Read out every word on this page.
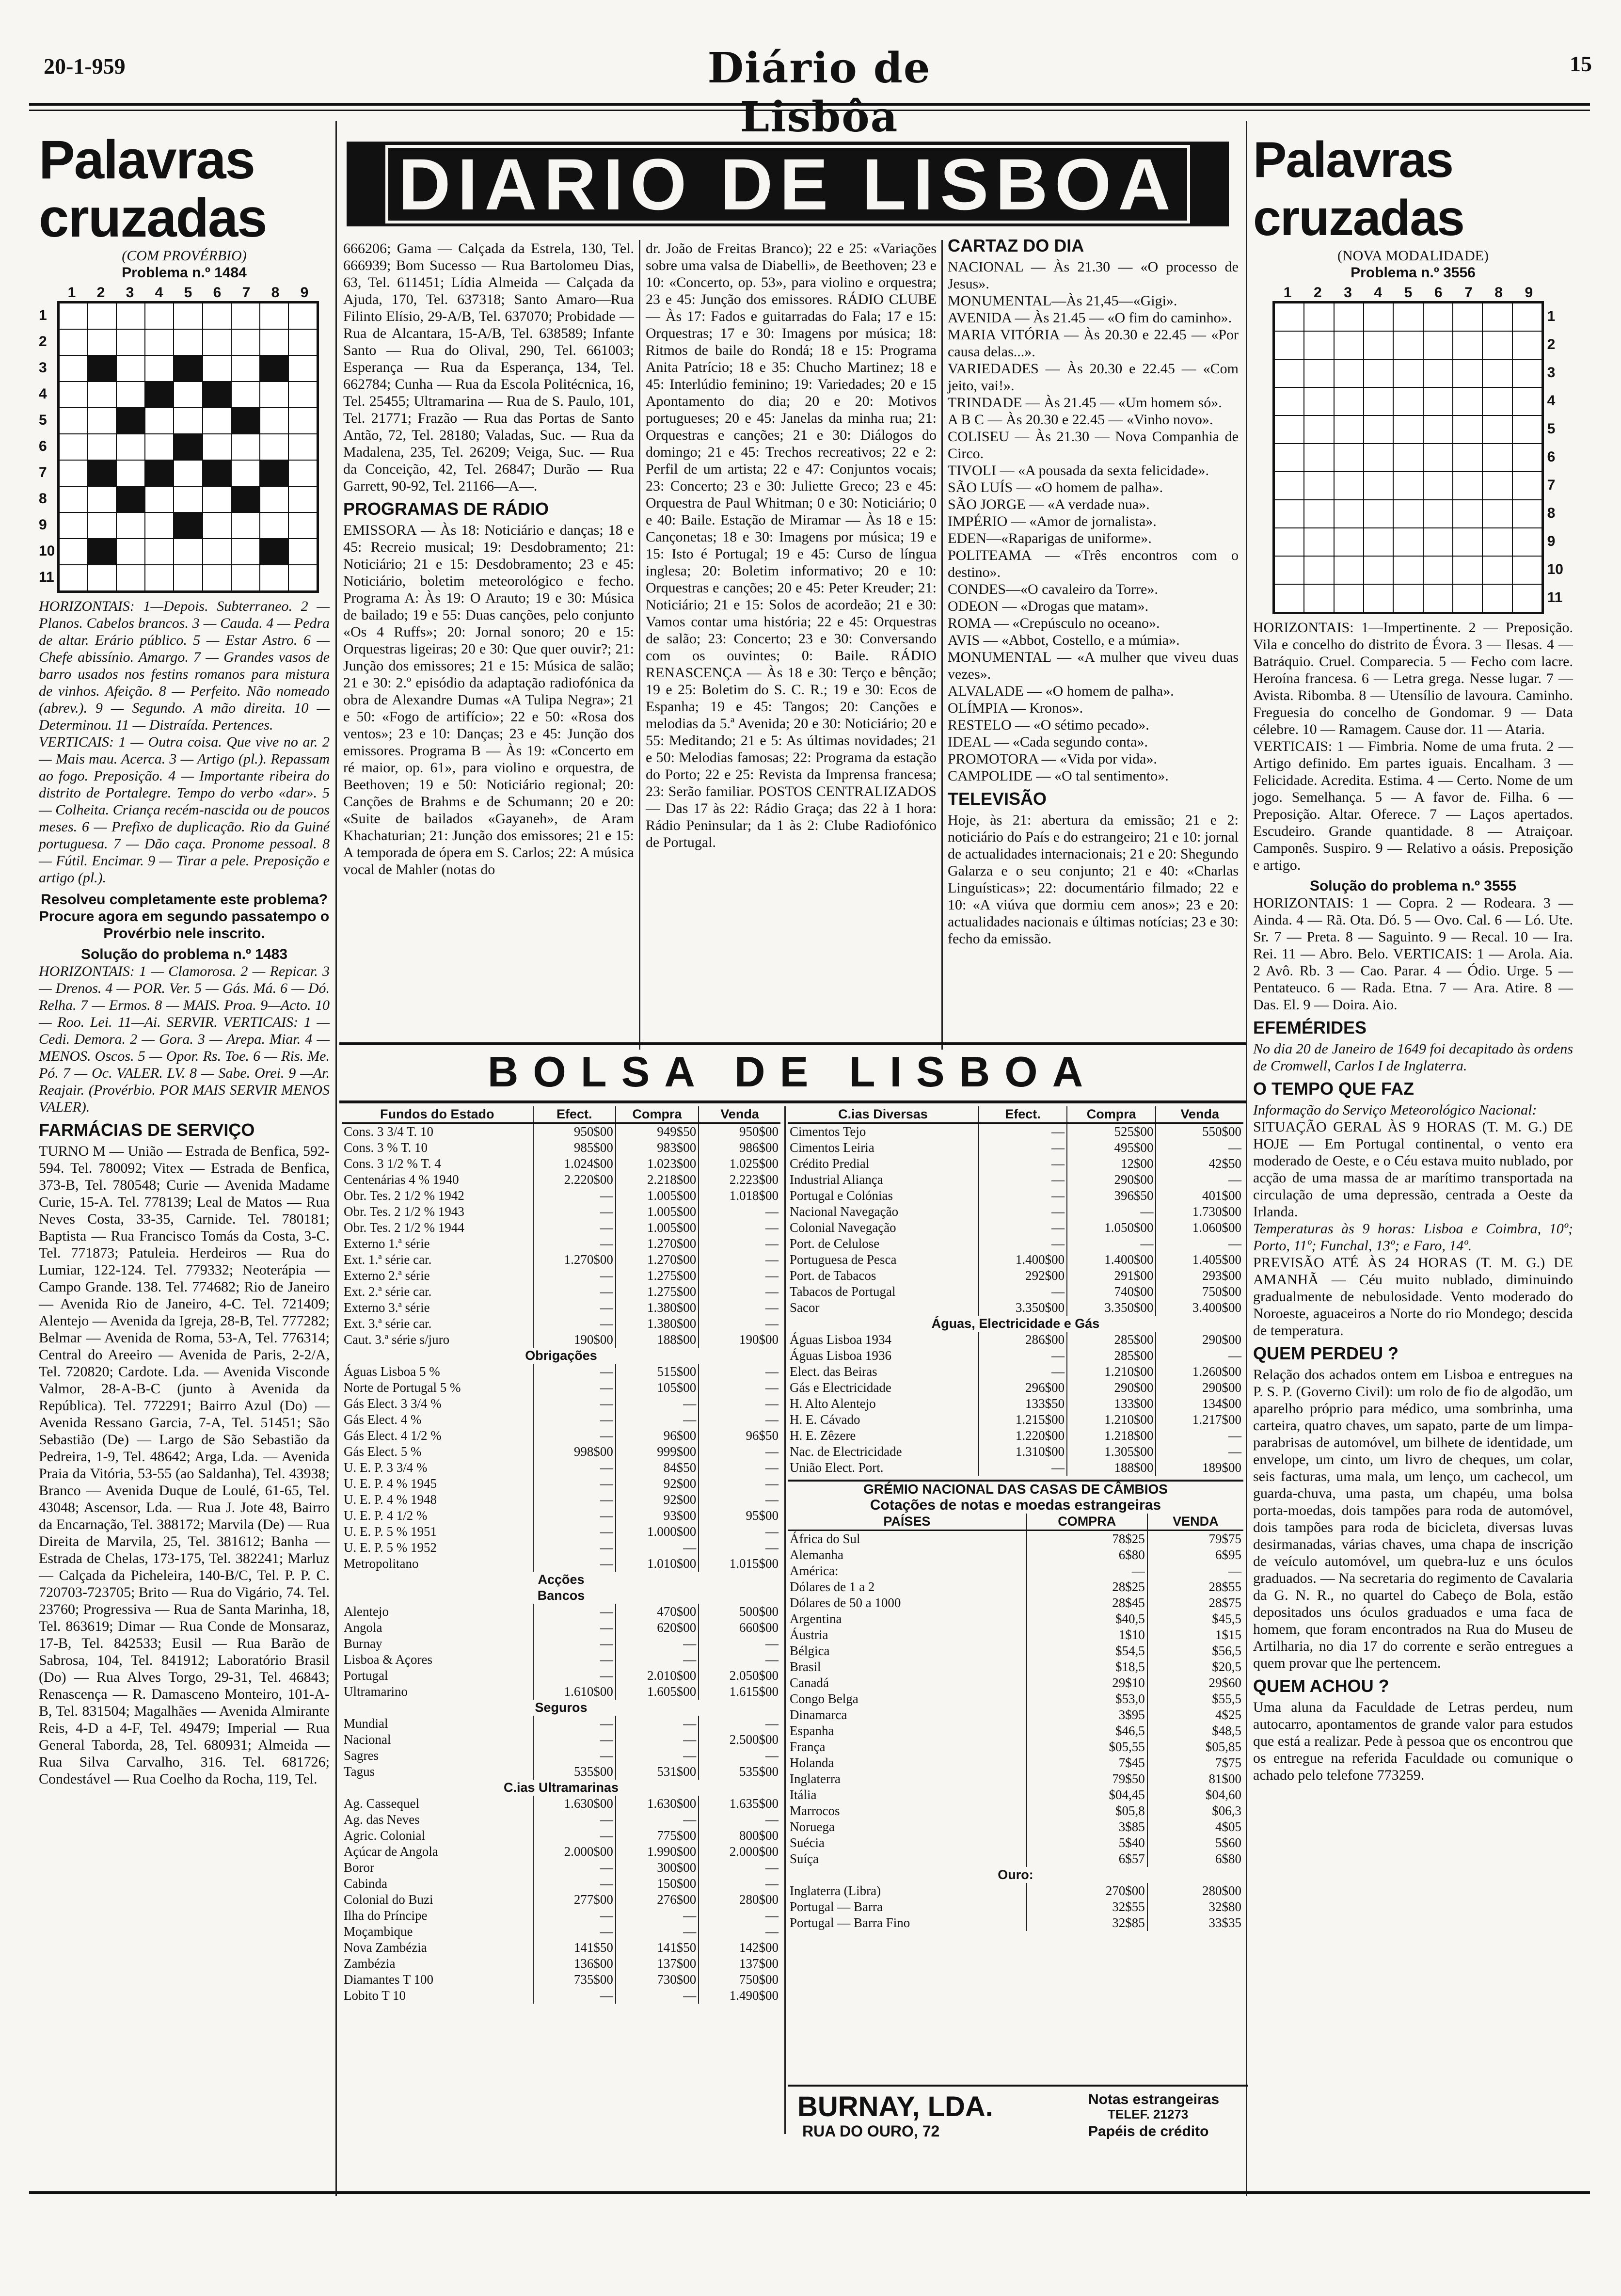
20-1-959	Diário de Lisbôa
15
DIARIO DE LISBOA
Palavras cruzadas
(COM PROVÉRBIO)
Problema n.º 1484
1	2	3	4	5	6	7	8	9
1
2
3
4
5
6
7
8
9
10
11
HORIZONTAIS: 1—Depois. Subterraneo. 2 — Planos. Cabelos brancos. 3 — Cauda. 4 — Pedra de altar. Erário público. 5 — Estar Astro. 6 — Chefe abissínio. Amargo. 7 — Grandes vasos de barro usados nos festins romanos para mistura de vinhos. Afeição. 8 — Perfeito. Não nomeado (abrev.). 9 — Segundo. A mão direita. 10 — Determinou. 11 — Distraída. Pertences.
VERTICAIS: 1 — Outra coisa. Que vive no ar. 2 — Mais mau. Acerca. 3 — Artigo (pl.). Repassam ao fogo. Preposição. 4 — Importante ribeira do distrito de Portalegre. Tempo do verbo «dar». 5 — Colheita. Criança recém-nascida ou de poucos meses. 6 — Prefixo de duplicação. Rio da Guiné portuguesa. 7 — Dão caça. Pronome pessoal. 8 — Fútil. Encimar. 9 — Tirar a pele. Preposição e artigo (pl.).
Resolveu completamente este problema?
Procure agora em segundo passatempo o Provérbio nele inscrito.
Solução do problema n.º 1483
HORIZONTAIS: 1 — Clamorosa. 2 — Repicar. 3 — Drenos. 4 — POR. Ver. 5 — Gás. Má. 6 — Dó. Relha. 7 — Ermos. 8 — MAIS. Proa. 9—Acto. 10 — Roo. Lei. 11—Ai. SERVIR. VERTICAIS: 1 — Cedi. Demora. 2 — Gora. 3 — Arepa. Miar. 4 — MENOS. Oscos. 5 — Opor. Rs. Toe. 6 — Ris. Me. Pó. 7 — Oc. VALER. LV. 8 — Sabe. Orei. 9 —Ar. Reajair. (Provérbio. POR MAIS SERVIR MENOS VALER).
FARMÁCIAS DE SERVIÇO
TURNO M — União — Estrada de Benfica, 592-594. Tel. 780092; Vitex — Estrada de Benfica, 373-B, Tel. 780548; Curie — Avenida Madame Curie, 15-A. Tel. 778139; Leal de Matos — Rua Neves Costa, 33-35, Carnide. Tel. 780181; Baptista — Rua Francisco Tomás da Costa, 3-C. Tel. 771873; Patuleia. Herdeiros — Rua do Lumiar, 122-124. Tel. 779332; Neoterápia — Campo Grande. 138. Tel. 774682; Rio de Janeiro — Avenida Rio de Janeiro, 4-C. Tel. 721409; Alentejo — Avenida da Igreja, 28-B, Tel. 777282; Belmar — Avenida de Roma, 53-A, Tel. 776314; Central do Areeiro — Avenida de Paris, 2-2/A, Tel. 720820; Cardote. Lda. — Avenida Visconde Valmor, 28-A-B-C (junto à Avenida da República). Tel. 772291; Bairro Azul (Do) — Avenida Ressano Garcia, 7-A, Tel. 51451; São Sebastião (De) — Largo de São Sebastião da Pedreira, 1-9, Tel. 48642; Arga, Lda. — Avenida Praia da Vitória, 53-55 (ao Saldanha), Tel. 43938; Branco — Avenida Duque de Loulé, 61-65, Tel. 43048; Ascensor, Lda. — Rua J. Jote 48, Bairro da Encarnação, Tel. 388172; Marvila (De) — Rua Direita de Marvila, 25, Tel. 381612; Banha — Estrada de Chelas, 173-175, Tel. 382241; Marluz — Calçada da Picheleira, 140-B/C, Tel. P. P. C. 720703-723705; Brito — Rua do Vigário, 74. Tel. 23760; Progressiva — Rua de Santa Marinha, 18, Tel. 863619; Dimar — Rua Conde de Monsaraz, 17-B, Tel. 842533; Eusil — Rua Barão de Sabrosa, 104, Tel. 841912; Laboratório Brasil (Do) — Rua Alves Torgo, 29-31, Tel. 46843; Renascença — R. Damasceno Monteiro, 101-A-B, Tel. 831504; Magalhães — Avenida Almirante Reis, 4-D a 4-F, Tel. 49479; Imperial — Rua General Taborda, 28, Tel. 680931; Almeida — Rua Silva Carvalho, 316. Tel. 681726; Condestável — Rua Coelho da Rocha, 119, Tel.
666206; Gama — Calçada da Estrela, 130, Tel. 666939; Bom Sucesso — Rua Bartolomeu Dias, 63, Tel. 611451; Lídia Almeida — Calçada da Ajuda, 170, Tel. 637318; Santo Amaro—Rua Filinto Elísio, 29-A/B, Tel. 637070; Probidade — Rua de Alcantara, 15-A/B, Tel. 638589; Infante Santo — Rua do Olival, 290, Tel. 661003; Esperança — Rua da Esperança, 134, Tel. 662784; Cunha — Rua da Escola Politécnica, 16, Tel. 25455; Ultramarina — Rua de S. Paulo, 101, Tel. 21771; Frazão — Rua das Portas de Santo Antão, 72, Tel. 28180; Valadas, Suc. — Rua da Madalena, 235, Tel. 26209; Veiga, Suc. — Rua da Conceição, 42, Tel. 26847; Durão — Rua Garrett, 90-92, Tel. 21166—A—.
PROGRAMAS DE RÁDIO
EMISSORA — Às 18: Noticiário e danças; 18 e 45: Recreio musical; 19: Desdobramento; 21: Noticiário; 21 e 15: Desdobramento; 23 e 45: Noticiário, boletim meteorológico e fecho. Programa A: Às 19: O Arauto; 19 e 30: Música de bailado; 19 e 55: Duas canções, pelo conjunto «Os 4 Ruffs»; 20: Jornal sonoro; 20 e 15: Orquestras ligeiras; 20 e 30: Que quer ouvir?; 21: Junção dos emissores; 21 e 15: Música de salão; 21 e 30: 2.º episódio da adaptação radiofónica da obra de Alexandre Dumas «A Tulipa Negra»; 21 e 50: «Fogo de artifício»; 22 e 50: «Rosa dos ventos»; 23 e 10: Danças; 23 e 45: Junção dos emissores. Programa B — Às 19: «Concerto em ré maior, op. 61», para violino e orquestra, de Beethoven; 19 e 50: Noticiário regional; 20: Canções de Brahms e de Schumann; 20 e 20: «Suite de bailados «Gayaneh», de Aram Khachaturian; 21: Junção dos emissores; 21 e 15: A temporada de ópera em S. Carlos; 22: A música vocal de Mahler (notas do
dr. João de Freitas Branco); 22 e 25: «Variações sobre uma valsa de Diabelli», de Beethoven; 23 e 10: «Concerto, op. 53», para violino e orquestra; 23 e 45: Junção dos emissores. RÁDIO CLUBE — Às 17: Fados e guitarradas do Fala; 17 e 15: Orquestras; 17 e 30: Imagens por música; 18: Ritmos de baile do Rondá; 18 e 15: Programa Anita Patrício; 18 e 35: Chucho Martinez; 18 e 45: Interlúdio feminino; 19: Variedades; 20 e 15 Apontamento do dia; 20 e 20: Motivos portugueses; 20 e 45: Janelas da minha rua; 21: Orquestras e canções; 21 e 30: Diálogos do domingo; 21 e 45: Trechos recreativos; 22 e 2: Perfil de um artista; 22 e 47: Conjuntos vocais; 23: Concerto; 23 e 30: Juliette Greco; 23 e 45: Orquestra de Paul Whitman; 0 e 30: Noticiário; 0 e 40: Baile. Estação de Miramar — Às 18 e 15: Cançonetas; 18 e 30: Imagens por música; 19 e 15: Isto é Portugal; 19 e 45: Curso de língua inglesa; 20: Boletim informativo; 20 e 10: Orquestras e canções; 20 e 45: Peter Kreuder; 21: Noticiário; 21 e 15: Solos de acordeão; 21 e 30: Vamos contar uma história; 22 e 45: Orquestras de salão; 23: Concerto; 23 e 30: Conversando com os ouvintes; 0: Baile. RÁDIO RENASCENÇA — Às 18 e 30: Terço e bênção; 19 e 25: Boletim do S. C. R.; 19 e 30: Ecos de Espanha; 19 e 45: Tangos; 20: Canções e melodias da 5.ª Avenida; 20 e 30: Noticiário; 20 e 55: Meditando; 21 e 5: As últimas novidades; 21 e 50: Melodias famosas; 22: Programa da estação do Porto; 22 e 25: Revista da Imprensa francesa; 23: Serão familiar. POSTOS CENTRALIZADOS — Das 17 às 22: Rádio Graça; das 22 à 1 hora: Rádio Peninsular; da 1 às 2: Clube Radiofónico de Portugal.
CARTAZ DO DIA

NACIONAL — Às 21.30 — «O processo de Jesus».

MONUMENTAL—Às 21,45—«Gigi».

AVENIDA — Às 21.45 — «O fim do caminho».

MARIA VITÓRIA — Às 20.30 e 22.45 — «Por causa delas...».

VARIEDADES — Às 20.30 e 22.45 — «Com jeito, vai!».

TRINDADE — Às 21.45 — «Um homem só».

A B C — Às 20.30 e 22.45 — «Vinho novo».

COLISEU — Às 21.30 — Nova Companhia de Circo.

TIVOLI — «A pousada da sexta felicidade».

SÃO LUÍS — «O homem de palha».

SÃO JORGE — «A verdade nua».

IMPÉRIO — «Amor de jornalista».

EDEN—«Raparigas de uniforme».

POLITEAMA — «Três encontros com o destino».

CONDES—«O cavaleiro da Torre».

ODEON — «Drogas que matam».

ROMA — «Crepúsculo no oceano».

AVIS — «Abbot, Costello, e a múmia».

MONUMENTAL — «A mulher que viveu duas vezes».

ALVALADE — «O homem de palha».

OLÍMPIA — Kronos».

RESTELO — «O sétimo pecado».

IDEAL — «Cada segundo conta».

PROMOTORA — «Vida por vida».

CAMPOLIDE — «O tal sentimento».

TELEVISÃO
Hoje, às 21: abertura da emissão; 21 e 2: noticiário do País e do estrangeiro; 21 e 10: jornal de actualidades internacionais; 21 e 20: Shegundo Galarza e o seu conjunto; 21 e 40: «Charlas Linguísticas»; 22: documentário filmado; 22 e 10: «A viúva que dormiu cem anos»; 23 e 20: actualidades nacionais e últimas notícias; 23 e 30: fecho da emissão.
Palavras cruzadas
(NOVA MODALIDADE)
Problema n.º 3556
1	2	3	4	5	6	7	8	9
1
2
3
4
5
6
7
8
9
10
11
HORIZONTAIS: 1—Impertinente. 2 — Preposição. Vila e concelho do distrito de Évora. 3 — Ilesas. 4 — Batráquio. Cruel. Comparecia. 5 — Fecho com lacre. Heroína francesa. 6 — Letra grega. Nesse lugar. 7 — Avista. Ribomba. 8 — Utensílio de lavoura. Caminho. Freguesia do concelho de Gondomar. 9 — Data célebre. 10 — Ramagem. Cause dor. 11 — Ataria.
VERTICAIS: 1 — Fimbria. Nome de uma fruta. 2 — Artigo definido. Em partes iguais. Encalham. 3 — Felicidade. Acredita. Estima. 4 — Certo. Nome de um jogo. Semelhança. 5 — A favor de. Filha. 6 — Preposição. Altar. Oferece. 7 — Laços apertados. Escudeiro. Grande quantidade. 8 — Atraiçoar. Camponês. Suspiro. 9 — Relativo a oásis. Preposição e artigo.
Solução do problema n.º 3555
HORIZONTAIS: 1 — Copra. 2 — Rodeara. 3 — Ainda. 4 — Rã. Ota. Dó. 5 — Ovo. Cal. 6 — Ló. Ute. Sr. 7 — Preta. 8 — Saguinto. 9 — Recal. 10 — Ira. Rei. 11 — Abro. Belo. VERTICAIS: 1 — Arola. Aia. 2 Avô. Rb. 3 — Cao. Parar. 4 — Ódio. Urge. 5 — Pentateuco. 6 — Rada. Etna. 7 — Ara. Atire. 8 — Das. El. 9 — Doira. Aio.
EFEMÉRIDES
No dia 20 de Janeiro de 1649 foi decapitado às ordens de Cromwell, Carlos I de Inglaterra.
O TEMPO QUE FAZ
Informação do Serviço Meteorológico Nacional:
SITUAÇÃO GERAL ÀS 9 HORAS (T. M. G.) DE HOJE — Em Portugal continental, o vento era moderado de Oeste, e o Céu estava muito nublado, por acção de uma massa de ar marítimo transportada na circulação de uma depressão, centrada a Oeste da Irlanda.
Temperaturas às 9 horas: Lisboa e Coimbra, 10º; Porto, 11º; Funchal, 13º; e Faro, 14º.
PREVISÃO ATÉ ÀS 24 HORAS (T. M. G.) DE AMANHÃ — Céu muito nublado, diminuindo gradualmente de nebulosidade. Vento moderado do Noroeste, aguaceiros a Norte do rio Mondego; descida de temperatura.
QUEM PERDEU ?
Relação dos achados ontem em Lisboa e entregues na P. S. P. (Governo Civil): um rolo de fio de algodão, um aparelho próprio para médico, uma sombrinha, uma carteira, quatro chaves, um sapato, parte de um limpa-parabrisas de automóvel, um bilhete de identidade, um envelope, um cinto, um livro de cheques, um colar, seis facturas, uma mala, um lenço, um cachecol, um guarda-chuva, uma pasta, um chapéu, uma bolsa porta-moedas, dois tampões para roda de automóvel, dois tampões para roda de bicicleta, diversas luvas desirmanadas, várias chaves, uma chapa de inscrição de veículo automóvel, um quebra-luz e uns óculos graduados. — Na secretaria do regimento de Cavalaria da G. N. R., no quartel do Cabeço de Bola, estão depositados uns óculos graduados e uma faca de homem, que foram encontrados na Rua do Museu de Artilharia, no dia 17 do corrente e serão entregues a quem provar que lhe pertencem.
QUEM ACHOU ?
Uma aluna da Faculdade de Letras perdeu, num autocarro, apontamentos de grande valor para estudos que está a realizar. Pede à pessoa que os encontrou que os entregue na referida Faculdade ou comunique o achado pelo telefone 773259.
BOLSA DE LISBOA
Fundos do Estado	Efect.	Compra	Venda
Cons. 3 3/4 T. 10	950$00	949$50	950$00
Cons. 3 % T. 10	985$00	983$00	986$00
Cons. 3 1/2 % T. 4	1.024$00	1.023$00	1.025$00
Centenárias 4 % 1940	2.220$00	2.218$00	2.223$00
Obr. Tes. 2 1/2 % 1942	—	1.005$00	1.018$00
Obr. Tes. 2 1/2 % 1943	—	1.005$00	—
Obr. Tes. 2 1/2 % 1944	—	1.005$00	—
Externo 1.ª série	—	1.270$00	—
Ext. 1.ª série car.	1.270$00	1.270$00	—
Externo 2.ª série	—	1.275$00	—
Ext. 2.ª série car.	—	1.275$00	—
Externo 3.ª série	—	1.380$00	—
Ext. 3.ª série car.	—	1.380$00	—
Caut. 3.ª série s/juro	190$00	188$00	190$00
Obrigações			
Águas Lisboa 5 %	—	515$00	—
Norte de Portugal 5 %	—	105$00	—
Gás Elect. 3 3/4 %	—	—	—
Gás Elect. 4 %	—	—	—
Gás Elect. 4 1/2 %	—	96$00	96$50
Gás Elect. 5 %	998$00	999$00	—
U. E. P. 3 3/4 %	—	84$50	—
U. E. P. 4 % 1945	—	92$00	—
U. E. P. 4 % 1948	—	92$00	—
U. E. P. 4 1/2 %	—	93$00	95$00
U. E. P. 5 % 1951	—	1.000$00	—
U. E. P. 5 % 1952	—	—	—
Metropolitano	—	1.010$00	1.015$00
Acções			
Bancos			
Alentejo	—	470$00	500$00
Angola	—	620$00	660$00
Burnay	—	—	—
Lisboa & Açores	—	—	—
Portugal	—	2.010$00	2.050$00
Ultramarino	1.610$00	1.605$00	1.615$00
Seguros			
Mundial	—	—	—
Nacional	—	—	2.500$00
Sagres	—	—	—
Tagus	535$00	531$00	535$00
C.ias Ultramarinas			
Ag. Cassequel	1.630$00	1.630$00	1.635$00
Ag. das Neves	—	—	—
Agric. Colonial	—	775$00	800$00
Açúcar de Angola	2.000$00	1.990$00	2.000$00
Boror	—	300$00	—
Cabinda	—	150$00	—
Colonial do Buzi	277$00	276$00	280$00
Ilha do Príncipe	—	—	—
Moçambique	—	—	—
Nova Zambézia	141$50	141$50	142$00
Zambézia	136$00	137$00	137$00
Diamantes T 100	735$00	730$00	750$00
Lobito T 10	—	—	1.490$00
C.ias Diversas	Efect.	Compra	Venda
Cimentos Tejo	—	525$00	550$00
Cimentos Leiria	—	495$00	—
Crédito Predial	—	12$00	42$50
Industrial Aliança	—	290$00	—
Portugal e Colónias	—	396$50	401$00
Nacional Navegação	—	—	1.730$00
Colonial Navegação	—	1.050$00	1.060$00
Port. de Celulose	—	—	—
Portuguesa de Pesca	1.400$00	1.400$00	1.405$00
Port. de Tabacos	292$00	291$00	293$00
Tabacos de Portugal	—	740$00	750$00
Sacor	3.350$00	3.350$00	3.400$00
Águas, Electricidade e Gás			
Águas Lisboa 1934	286$00	285$00	290$00
Águas Lisboa 1936	—	285$00	—
Elect. das Beiras	—	1.210$00	1.260$00
Gás e Electricidade	296$00	290$00	290$00
H. Alto Alentejo	133$50	133$00	134$00
H. E. Cávado	1.215$00	1.210$00	1.217$00
H. E. Zêzere	1.220$00	1.218$00	—
Nac. de Electricidade	1.310$00	1.305$00	—
União Elect. Port.	—	188$00	189$00
GRÉMIO NACIONAL DAS CASAS DE CÂMBIOS
Cotações de notas e moedas estrangeiras
PAÍSES	COMPRA	VENDA
África do Sul	78$25	79$75
Alemanha	6$80	6$95
América:	—	—
Dólares de 1 a 2	28$25	28$55
Dólares de 50 a 1000	28$45	28$75
Argentina	$40,5	$45,5
Áustria	1$10	1$15
Bélgica	$54,5	$56,5
Brasil	$18,5	$20,5
Canadá	29$10	29$60
Congo Belga	$53,0	$55,5
Dinamarca	3$95	4$25
Espanha	$46,5	$48,5
França	$05,55	$05,85
Holanda	7$45	7$75
Inglaterra	79$50	81$00
Itália	$04,45	$04,60
Marrocos	$05,8	$06,3
Noruega	3$85	4$05
Suécia	5$40	5$60
Suíça	6$57	6$80
Ouro:		
Inglaterra (Libra)	270$00	280$00
Portugal — Barra	32$55	32$80
Portugal — Barra Fino	32$85	33$35
BURNAY, LDA.
RUA DO OURO, 72
Notas estrangeiras
TELEF. 21273
Papéis de crédito
